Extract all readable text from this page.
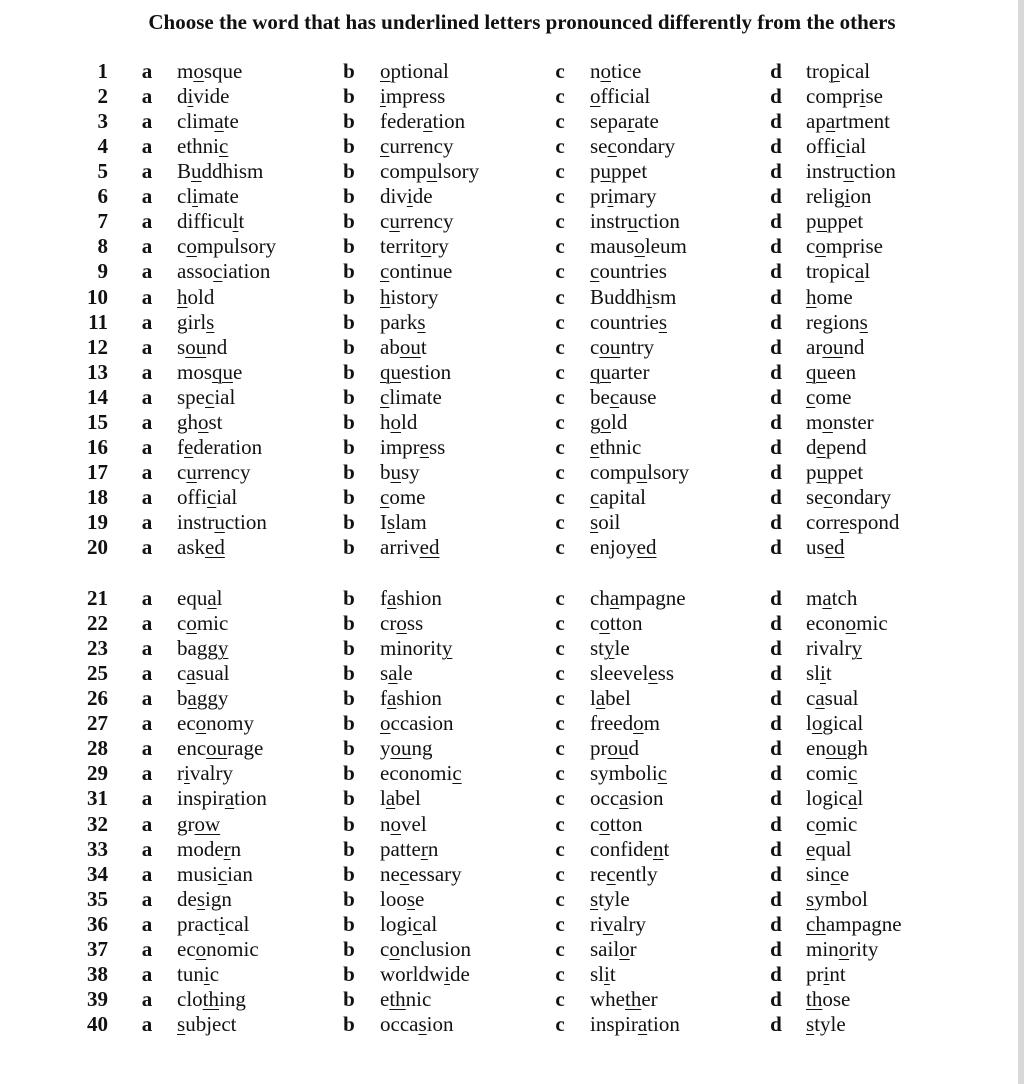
Choose the word that has underlined letters pronounced differently from the others
1 a mosque	b optional	c notice	d tropical
2 a divide	b impress	c official	d comprise
3 a climate	b federation	c separate	d apartment
4 a ethnic	b currency	c secondary	d official
5 a Buddhism	b compulsory	c puppet	d instruction
6 a climate	b divide	c primary	d religion
7 a difficult	b currency	c instruction	d puppet
8 a compulsory	b territory	c mausoleum	d comprise
9 a association	b continue	c countries	d tropical
10 a hold	b history	c Buddhism	d home
11 a girls	b parks	c countries	d regions
12 a sound	b about	c country	d around
13 a mosque	b question	c quarter	d queen
14 a special	b climate	c because	d come
15 a ghost	b hold	c gold	d monster
16 a federation	b impress	c ethnic	d depend
17 a currency	b busy	c compulsory	d puppet
18 a official	b come	c capital	d secondary
19 a instruction	b Islam	c soil	d correspond
20 a asked	b arrived	c enjoyed	d used
21 a equal	b fashion	c champagne	d match
22 a comic	b cross	c cotton	d economic
23 a baggy	b minority	c style	d rivalry
25 a casual	b sale	c sleeveless	d slit
26 a baggy	b fashion	c label	d casual
27 a economy	b occasion	c freedom	d logical
28 a encourage	b young	c proud	d enough
29 a rivalry	b economic	c symbolic	d comic
31 a inspiration	b label	c occasion	d logical
32 a grow	b novel	c cotton	d comic
33 a modern	b pattern	c confident	d equal
34 a musician	b necessary	c recently	d since
35 a design	b loose	c style	d symbol
36 a practical	b logical	c rivalry	d champagne
37 a economic	b conclusion	c sailor	d minority
38 a tunic	b worldwide	c slit	d print
39 a clothing	b ethnic	c whether	d those
40 a subject	b occasion	c inspiration	d style
